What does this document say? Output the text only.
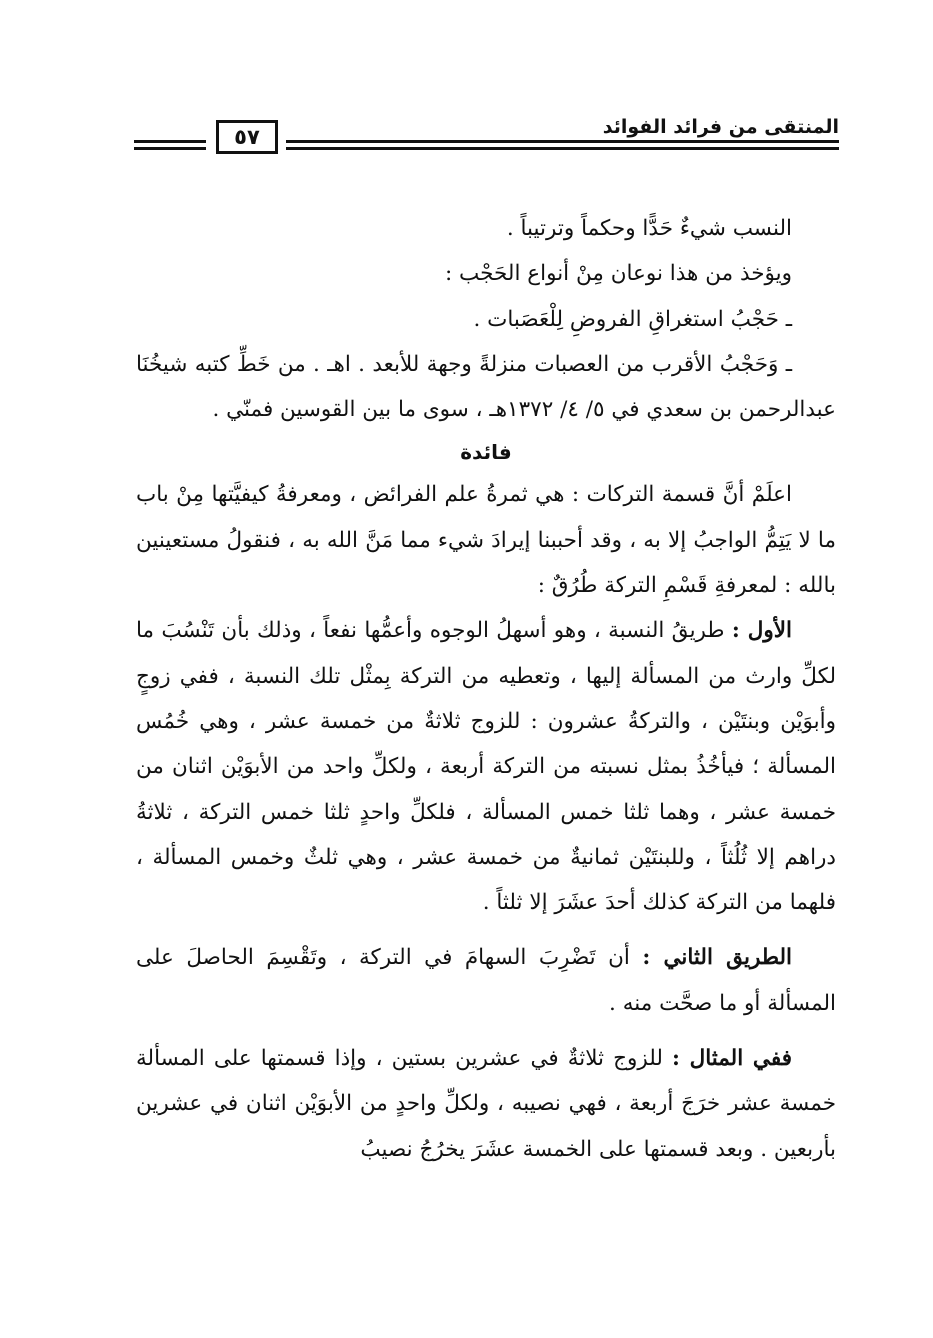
المنتقى من فرائد الفوائد
٥٧

النسب شيءٌ حَدًّا وحكماً وترتيباً .

ويؤخذ من هذا نوعان مِنْ أنواع الحَجْب :

ـ حَجْبُ استغراقِ الفروضِ لِلْعَصَبات .

ـ وَحَجْبُ الأقرب من العصبات منزلةً وجهة للأبعد . اهـ . من خَطِّ كتبه شيخُنَا عبدالرحمن بن سعدي في ٥/ ٤/ ١٣٧٢هـ ، سوى ما بين القوسين فمنّي .

فائدة

اعلَمْ أنَّ قسمة التركات : هي ثمرةُ علم الفرائض ، ومعرفةُ كيفيَّتها مِنْ باب ما لا يَتِمُّ الواجبُ إلا به ، وقد أحببنا إيرادَ شيء مما مَنَّ الله به ، فنقولُ مستعينين بالله : لمعرفةِ قَسْمِ التركة طُرُقٌ :

الأول : طريقُ النسبة ، وهو أسهلُ الوجوه وأعمُّها نفعاً ، وذلك بأن تَنْسُبَ ما لكلِّ وارث من المسألة إليها ، وتعطيه من التركة بِمثْل تلك النسبة ، ففي زوجٍ وأبوَيْن وبنتَيْن ، والتركةُ عشرون : للزوج ثلاثةٌ من خمسة عشر ، وهي خُمُس المسألة ؛ فيأخُذُ بمثل نسبته من التركة أربعة ، ولكلِّ واحد من الأبوَيْن اثنان من خمسة عشر ، وهما ثلثا خمس المسألة ، فلكلِّ واحدٍ ثلثا خمس التركة ، ثلاثةُ دراهم إلا ثُلُثاً ، وللبنتَيْن ثمانيةٌ من خمسة عشر ، وهي ثلثٌ وخمس المسألة ، فلهما من التركة كذلك أحدَ عشَرَ إلا ثلثاً .

الطريق الثاني : أن تَضْرِبَ السهامَ في التركة ، وتَقْسِمَ الحاصلَ على المسألة أو ما صحَّت منه .

ففي المثال : للزوج ثلاثةٌ في عشرين بستين ، وإذا قسمتها على المسألة خمسة عشر خرَجَ أربعة ، فهي نصيبه ، ولكلِّ واحدٍ من الأبوَيْن اثنان في عشرين بأربعين . وبعد قسمتها على الخمسة عشَرَ يخرُجُ نصيبُ
